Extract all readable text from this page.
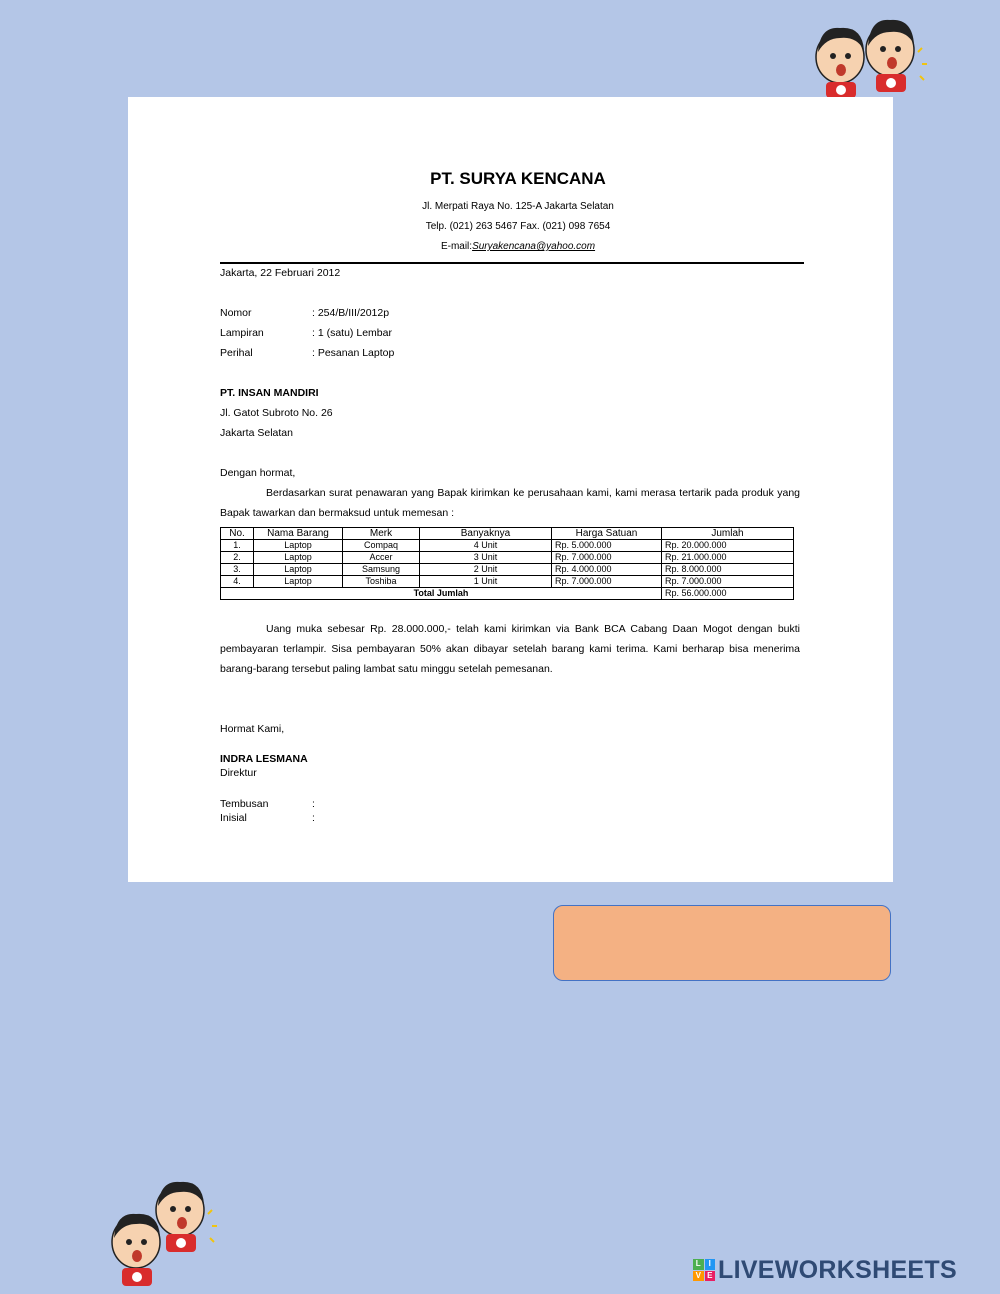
PT. SURYA KENCANA
Jl. Merpati Raya No. 125-A Jakarta Selatan
Telp. (021) 263 5467 Fax. (021) 098 7654
E-mail:Suryakencana@yahoo.com
Jakarta, 22 Februari 2012
Nomor	: 254/B/III/2012p
Lampiran	: 1 (satu) Lembar
Perihal	: Pesanan Laptop
PT. INSAN MANDIRI
Jl. Gatot Subroto No. 26
Jakarta Selatan
Dengan hormat,
Berdasarkan surat penawaran yang Bapak kirimkan ke perusahaan kami, kami merasa tertarik pada produk yang Bapak tawarkan dan bermaksud untuk memesan :
No.	Nama Barang	Merk	Banyaknya	Harga Satuan	Jumlah
1.	Laptop	Compaq	4 Unit	Rp. 5.000.000	Rp. 20.000.000
2.	Laptop	Accer	3 Unit	Rp. 7.000.000	Rp. 21.000.000
3.	Laptop	Samsung	2 Unit	Rp. 4.000.000	Rp. 8.000.000
4.	Laptop	Toshiba	1 Unit	Rp. 7.000.000	Rp. 7.000.000
Total Jumlah					Rp. 56.000.000
Uang muka sebesar Rp. 28.000.000,- telah kami kirimkan via Bank BCA Cabang Daan Mogot dengan bukti pembayaran terlampir. Sisa pembayaran 50% akan dibayar setelah barang kami terima. Kami berharap bisa menerima barang-barang tersebut paling lambat satu minggu setelah pemesanan.
Hormat Kami,
INDRA LESMANA
Direktur
Tembusan	:
Inisial	:
L I
V E LIVEWORKSHEETS
